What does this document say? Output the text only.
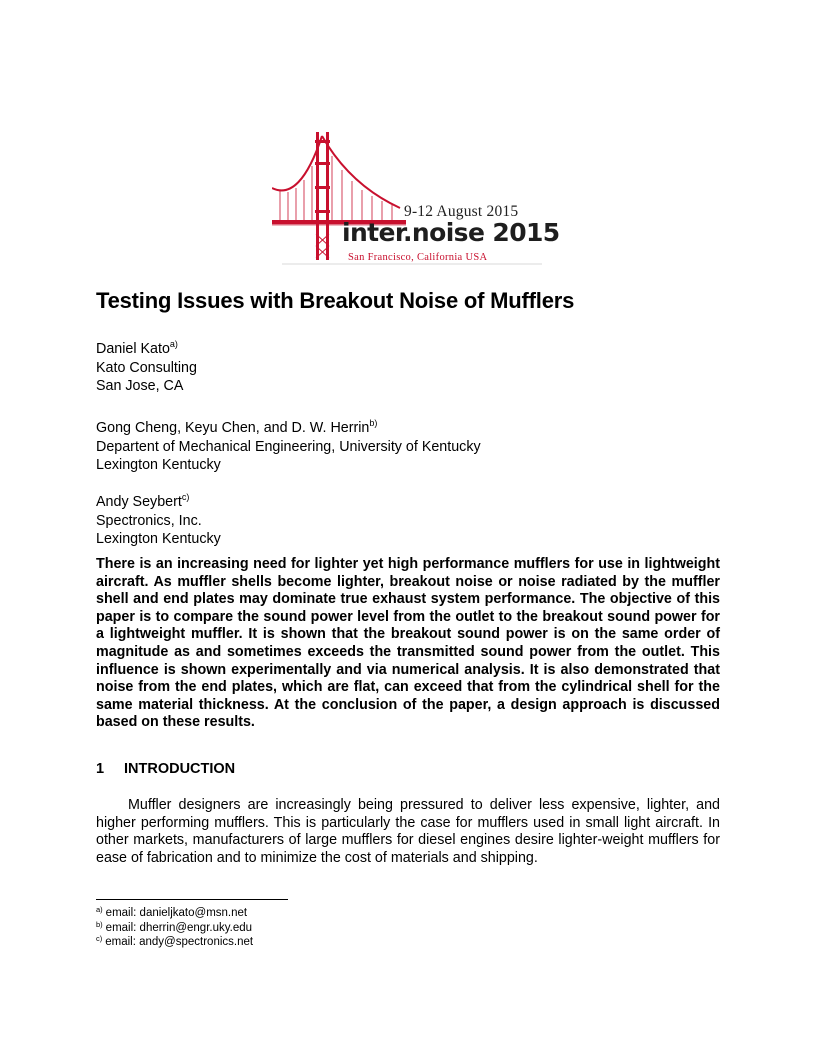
9-12 August 2015
inter.noise 2015
San Francisco, California USA
Testing Issues with Breakout Noise of Mufflers

Daniel Kato$^{a)}$

Kato Consulting

San Jose, CA

Gong Cheng, Keyu Chen, and D. W. Herrin$^{b)}$

Departent of Mechanical Engineering, University of Kentucky

Lexington Kentucky

Andy Seybert$^{c)}$

Spectronics, Inc.

Lexington Kentucky

There is an increasing need for lighter yet high performance mufflers for use in lightweight aircraft. As muffler shells become lighter, breakout noise or noise radiated by the muffler shell and end plates may dominate true exhaust system performance. The objective of this paper is to compare the sound power level from the outlet to the breakout sound power for a lightweight muffler. It is shown that the breakout sound power is on the same order of magnitude as and sometimes exceeds the transmitted sound power from the outlet. This influence is shown experimentally and via numerical analysis. It is also demonstrated that noise from the end plates, which are flat, can exceed that from the cylindrical shell for the same material thickness. At the conclusion of the paper, a design approach is discussed based on these results.

1 INTRODUCTION

Muffler designers are increasingly being pressured to deliver less expensive, lighter, and higher performing mufflers. This is particularly the case for mufflers used in small light aircraft. In other markets, manufacturers of large mufflers for diesel engines desire lighter-weight mufflers for ease of fabrication and to minimize the cost of materials and shipping.

$^{a)}$ email: danieljkato@msn.net

$^{b)}$ email: dherrin@engr.uky.edu

$^{c)}$ email: andy@spectronics.net
